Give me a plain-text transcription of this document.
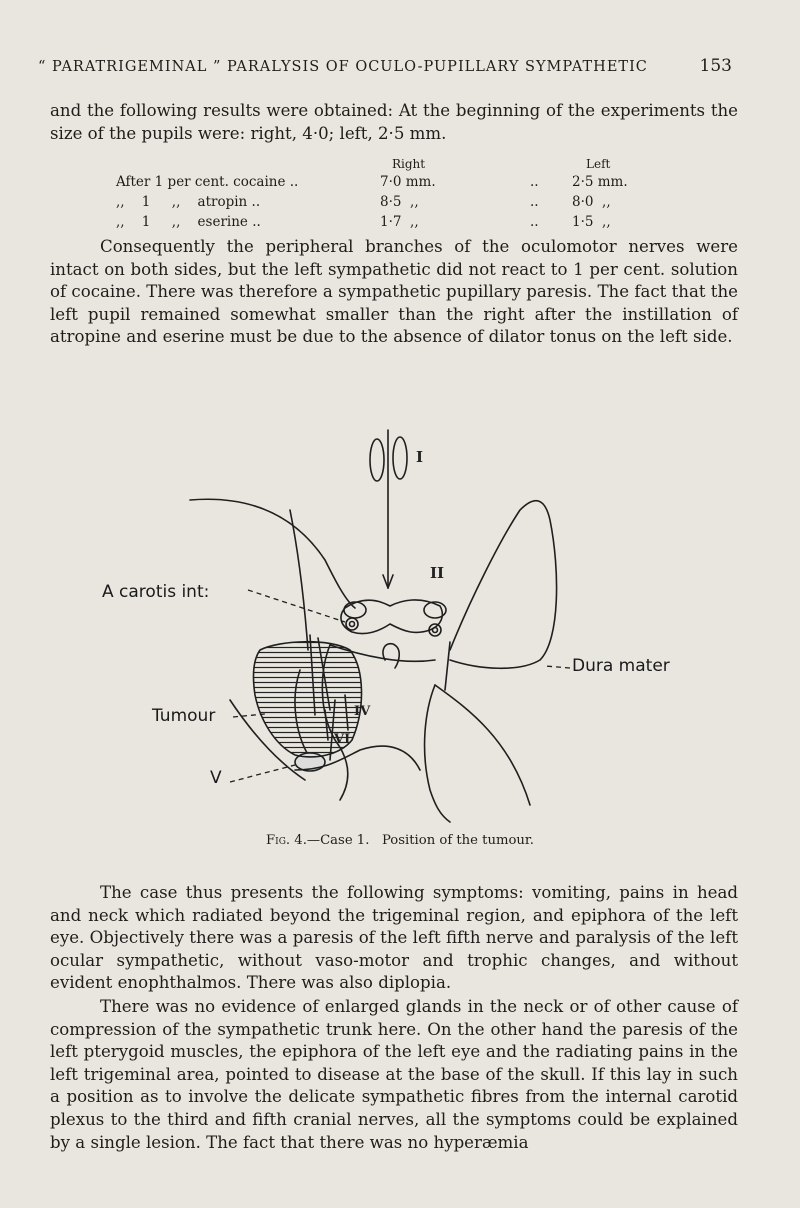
“ PARATRIGEMINAL ” PARALYSIS OF OCULO-PUPILLARY SYMPATHETIC	153

and the following results were obtained: At the beginning of the experiments the size of the pupils were: right, 4·0; left, 2·5 mm.

Right	Left
After 1 per cent. cocaine ..	7·0 mm.	..	2·5 mm.
,,    1     ,,    atropin ..	8·5  ,,	..	8·0  ,,
,,    1     ,,    eserine ..	1·7  ,,	..	1·5  ,,

Consequently the peripheral branches of the oculomotor nerves were intact on both sides, but the left sympathetic did not react to 1 per cent. solution of cocaine. There was therefore a sympathetic pupillary paresis. The fact that the left pupil remained somewhat smaller than the right after the instillation of atropine and eserine must be due to the absence of dilator tonus on the left side.

I
II
IV
VI
A carotis int:
Dura mater
Tumour
V
Fig. 4.—Case 1.   Position of the tumour.

The case thus presents the following symptoms: vomiting, pains in head and neck which radiated beyond the trigeminal region, and epiphora of the left eye. Objectively there was a paresis of the left fifth nerve and paralysis of the left ocular sympathetic, without vaso-motor and trophic changes, and without evident enophthalmos. There was also diplopia.

There was no evidence of enlarged glands in the neck or of other cause of compression of the sympathetic trunk here. On the other hand the paresis of the left pterygoid muscles, the epiphora of the left eye and the radiating pains in the left trigeminal area, pointed to disease at the base of the skull. If this lay in such a position as to involve the delicate sympathetic fibres from the internal carotid plexus to the third and fifth cranial nerves, all the symptoms could be explained by a single lesion. The fact that there was no hyperæmia
